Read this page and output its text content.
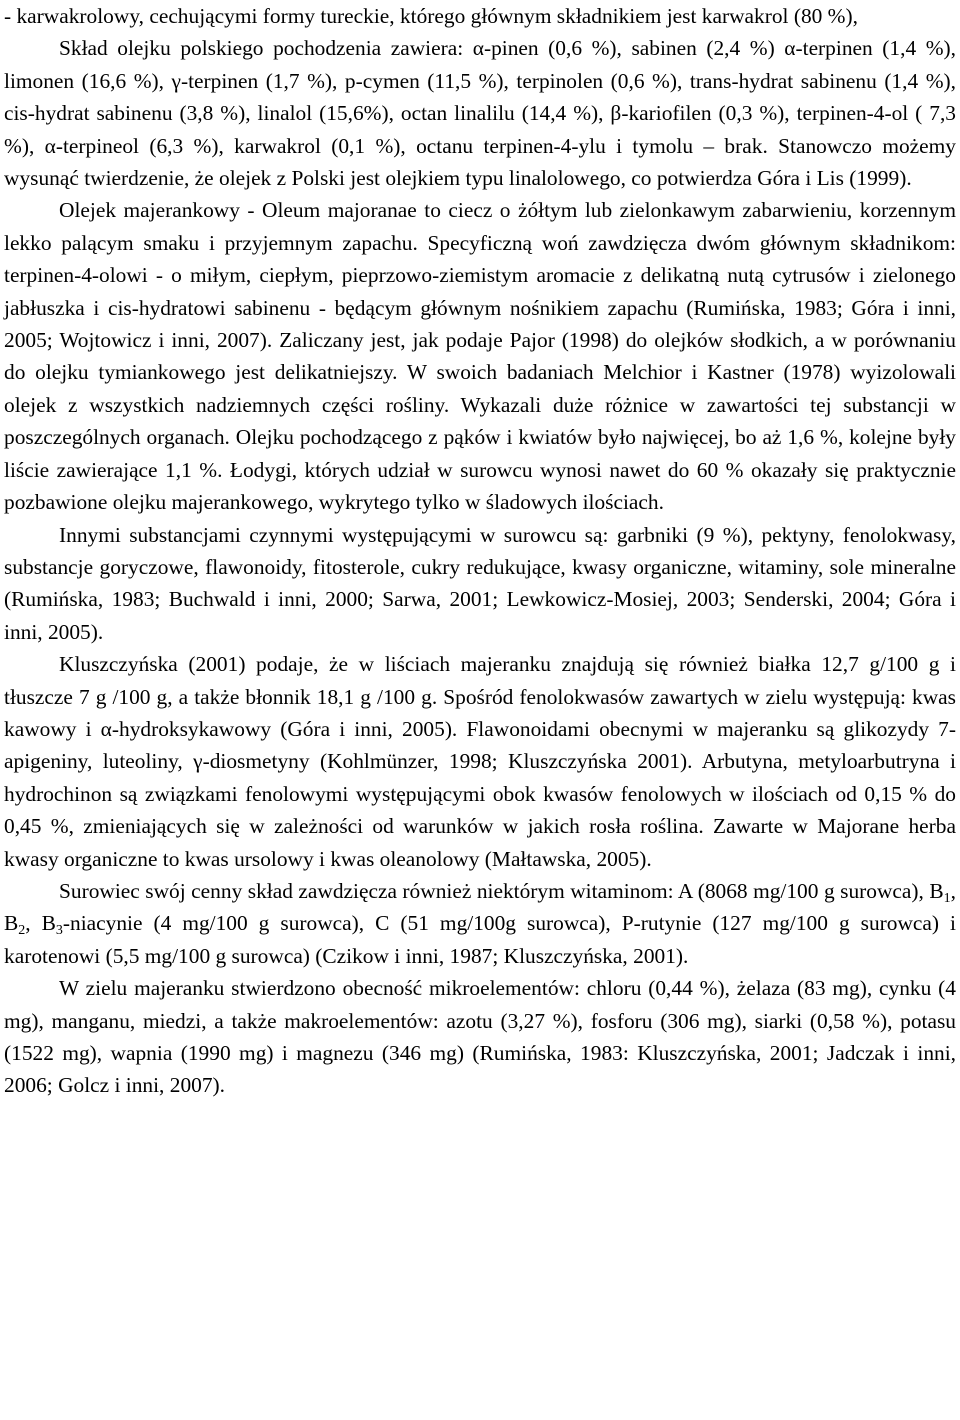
- karwakrolowy, cechującymi formy tureckie, którego głównym składnikiem jest karwakrol (80 %),

Skład olejku polskiego pochodzenia zawiera: α-pinen (0,6 %), sabinen (2,4 %) α-terpinen (1,4 %), limonen (16,6 %), γ-terpinen (1,7 %), p-cymen (11,5 %), terpinolen (0,6 %), trans-hydrat sabinenu (1,4 %), cis-hydrat sabinenu (3,8 %), linalol (15,6%), octan linalilu (14,4 %), β-kariofilen (0,3 %), terpinen-4-ol ( 7,3 %), α-terpineol (6,3 %), karwakrol (0,1 %), octanu terpinen-4-ylu i tymolu – brak. Stanowczo możemy wysunąć twierdzenie, że olejek z Polski jest olejkiem typu linalolowego, co potwierdza Góra i Lis (1999).

Olejek majerankowy - Oleum majoranae to ciecz o żółtym lub zielonkawym zabarwieniu, korzennym lekko palącym smaku i przyjemnym zapachu. Specyficzną woń zawdzięcza dwóm głównym składnikom: terpinen-4-olowi - o miłym, ciepłym, pieprzowo-ziemistym aromacie z delikatną nutą cytrusów i zielonego jabłuszka i cis-hydratowi sabinenu - będącym głównym nośnikiem zapachu (Rumińska, 1983; Góra i inni, 2005; Wojtowicz i inni, 2007). Zaliczany jest, jak podaje Pajor (1998) do olejków słodkich, a w porównaniu do olejku tymiankowego jest delikatniejszy. W swoich badaniach Melchior i Kastner (1978) wyizolowali olejek z wszystkich nadziemnych części rośliny. Wykazali duże różnice w zawartości tej substancji w poszczególnych organach. Olejku pochodzącego z pąków i kwiatów było najwięcej, bo aż 1,6 %, kolejne były liście zawierające 1,1 %. Łodygi, których udział w surowcu wynosi nawet do 60 % okazały się praktycznie pozbawione olejku majerankowego, wykrytego tylko w śladowych ilościach.

Innymi substancjami czynnymi występującymi w surowcu są: garbniki (9 %), pektyny, fenolokwasy, substancje goryczowe, flawonoidy, fitosterole, cukry redukujące, kwasy organiczne, witaminy, sole mineralne (Rumińska, 1983; Buchwald i inni, 2000; Sarwa, 2001; Lewkowicz-Mosiej, 2003; Senderski, 2004; Góra i inni, 2005).

Kluszczyńska (2001) podaje, że w liściach majeranku znajdują się również białka 12,7 g/100 g i tłuszcze 7 g /100 g, a także błonnik 18,1 g /100 g. Spośród fenolokwasów zawartych w zielu występują: kwas kawowy i α-hydroksykawowy (Góra i inni, 2005). Flawonoidami obecnymi w majeranku są glikozydy 7-apigeniny, luteoliny, γ-diosmetyny (Kohlmünzer, 1998; Kluszczyńska 2001). Arbutyna, metyloarbutryna i hydrochinon są związkami fenolowymi występującymi obok kwasów fenolowych w ilościach od 0,15 % do 0,45 %, zmieniających się w zależności od warunków w jakich rosła roślina. Zawarte w Majorane herba kwasy organiczne to kwas ursolowy i kwas oleanolowy (Małtawska, 2005).

Surowiec swój cenny skład zawdzięcza również niektórym witaminom: A (8068 mg/100 g surowca), $B_1$, $B_2$, $B_3$-niacynie (4 mg/100 g surowca), C (51 mg/100g surowca), P-rutynie (127 mg/100 g surowca) i karotenowi (5,5 mg/100 g surowca) (Czikow i inni, 1987; Kluszczyńska, 2001).

W zielu majeranku stwierdzono obecność mikroelementów: chloru (0,44 %), żelaza (83 mg), cynku (4 mg), manganu, miedzi, a także makroelementów: azotu (3,27 %), fosforu (306 mg), siarki (0,58 %), potasu (1522 mg), wapnia (1990 mg) i magnezu (346 mg) (Rumińska, 1983: Kluszczyńska, 2001; Jadczak i inni, 2006; Golcz i inni, 2007).
